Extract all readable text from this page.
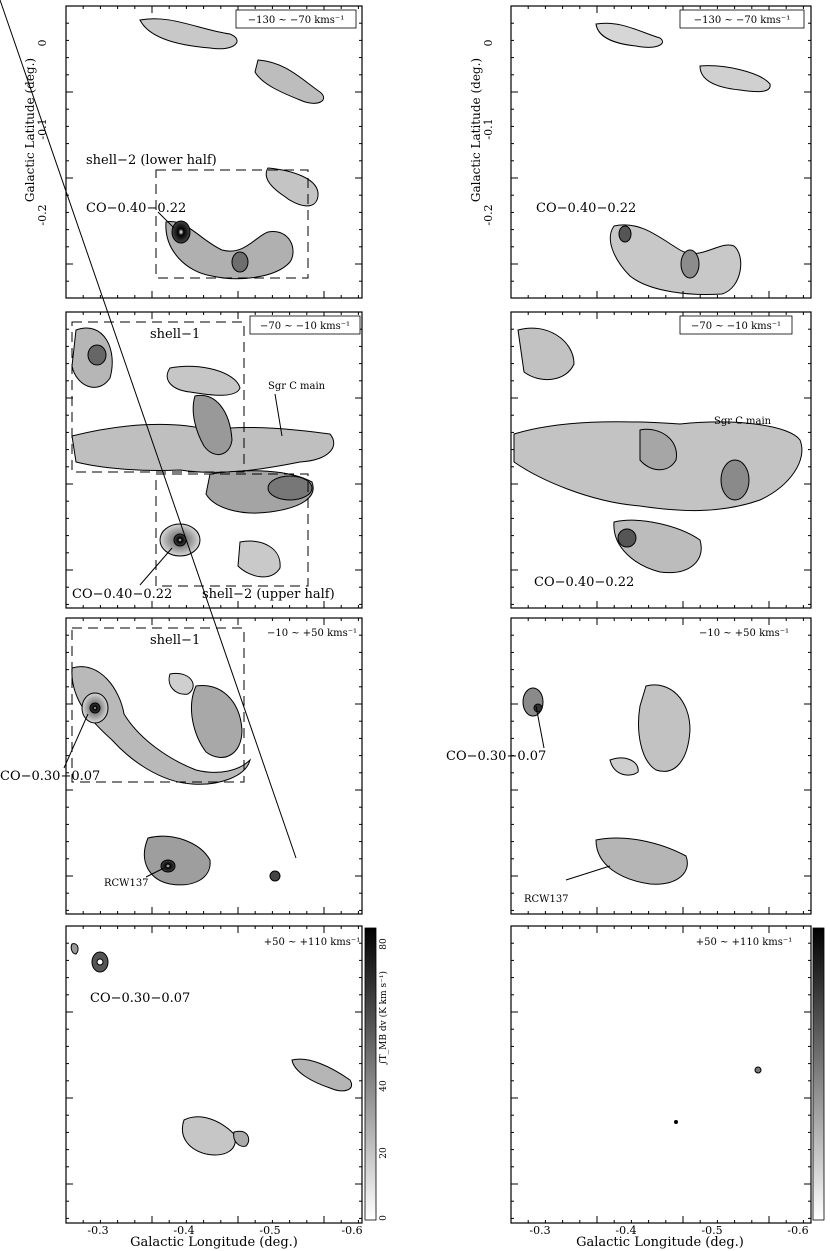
−130 ~ −70 kms⁻¹	−130 ~ −70 kms⁻¹
−70 ~ −10 kms⁻¹	−70 ~ −10 kms⁻¹
−10 ~ +50 kms⁻¹	−10 ~ +50 kms⁻¹
+50 ~ +110 kms⁻¹	+50 ~ +110 kms⁻¹
shell−2 (lower half)
CO−0.40−0.22	CO−0.40−0.22
shell−1
Sgr C main
CO−0.40−0.22 shell−2 (upper half)
Sgr C main
CO−0.40−0.22
shell−1
CO−0.30−0.07
RCW137
CO−0.30−0.07
RCW137
CO−0.30−0.07
0
-0.1
-0.2
0
-0.1
-0.2
Galactic Latitude (deg.)	Galactic Latitude (deg.)
Galactic Longitude (deg.)	Galactic Longitude (deg.)
-0.3	-0.4	-0.5	-0.6	-0.3	-0.4	-0.5	-0.6
∫T_MB dv (K km s⁻¹)
0
20
40
80
